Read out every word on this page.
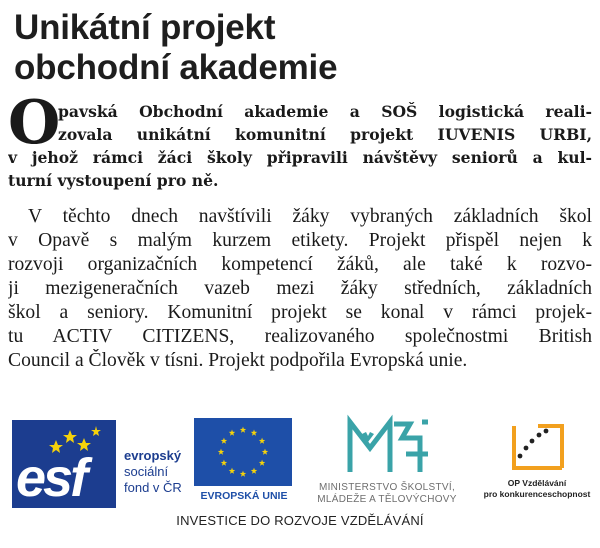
Unikátní projekt
obchodní akademie
O
pavská Obchodní akademie a SOŠ logistická reali-
zovala unikátní komunitní projekt IUVENIS URBI,
v jehož rámci žáci školy připravili návštěvy seniorů a kul-
turní vystoupení pro ně.
V těchto dnech navštívili žáky vybraných základních škol
v Opavě s malým kurzem etikety. Projekt přispěl nejen k
rozvoji organizačních kompetencí žáků, ale také k rozvo-
ji mezigeneračních vazeb mezi žáky středních, základních
škol a seniory. Komunitní projekt se konal v rámci projek-
tu ACTIV CITIZENS, realizovaného společnostmi British
Council a Člověk v tísni. Projekt podpořila Evropská unie.
esf	evropský
sociální
fond v ČR
EVROPSKÁ UNIE
MINISTERSTVO ŠKOLSTVÍ,
MLÁDEŽE A TĚLOVÝCHOVY
OP Vzdělávání
pro konkurenceschopnost
INVESTICE DO ROZVOJE VZDĚLÁVÁNÍ
